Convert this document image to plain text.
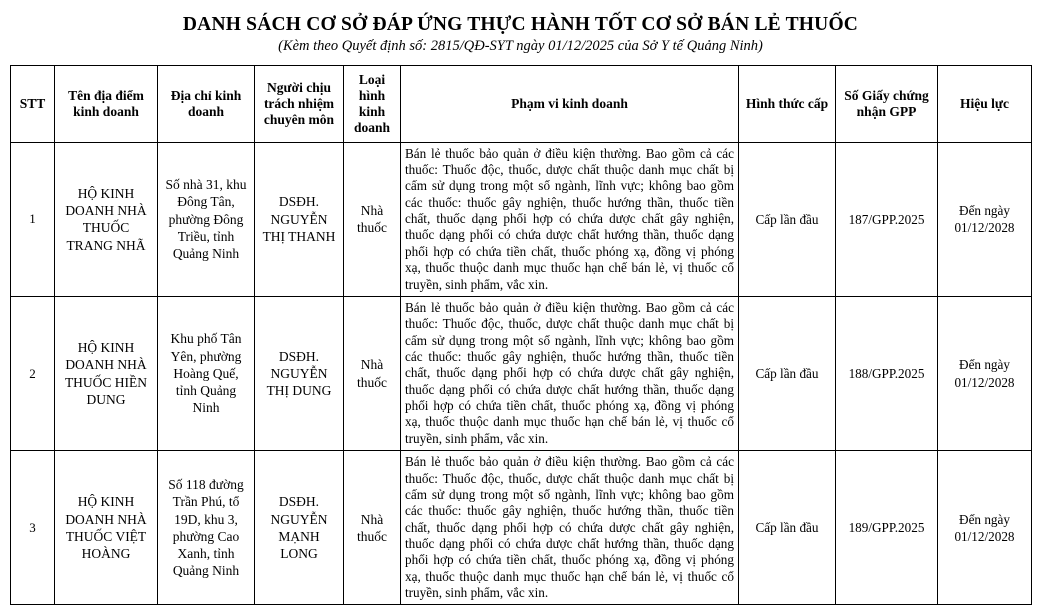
DANH SÁCH CƠ SỞ ĐÁP ỨNG THỰC HÀNH TỐT CƠ SỞ BÁN LẺ THUỐC
(Kèm theo Quyết định số: 2815/QĐ-SYT ngày 01/12/2025 của Sở Y tế Quảng Ninh)
STT	Tên địa điểm kinh doanh	Địa chỉ kinh doanh	Người chịu trách nhiệm chuyên môn	Loại hình kinh doanh	Phạm vi kinh doanh	Hình thức cấp	Số Giấy chứng nhận GPP	Hiệu lực
1	HỘ KINH DOANH NHÀ THUỐC TRANG NHÃ	Số nhà 31, khu Đông Tân, phường Đông Triều, tỉnh Quảng Ninh	DSĐH. NGUYỄN THỊ THANH	Nhà thuốc	Bán lẻ thuốc bảo quản ở điều kiện thường. Bao gồm cả các thuốc: Thuốc độc, thuốc, dược chất thuộc danh mục chất bị cấm sử dụng trong một số ngành, lĩnh vực; không bao gồm các thuốc: thuốc gây nghiện, thuốc hướng thần, thuốc tiền chất, thuốc dạng phối hợp có chứa dược chất gây nghiện, thuốc dạng phối có chứa dược chất hướng thần, thuốc dạng phối hợp có chứa tiền chất, thuốc phóng xạ, đồng vị phóng xạ, thuốc thuộc danh mục thuốc hạn chế bán lẻ, vị thuốc cổ truyền, sinh phẩm, vắc xin.	Cấp lần đầu	187/GPP.2025	Đến ngày 01/12/2028
2	HỘ KINH DOANH NHÀ THUỐC HIỀN DUNG	Khu phố Tân Yên, phường Hoàng Quế, tỉnh Quảng Ninh	DSĐH. NGUYỄN THỊ DUNG	Nhà thuốc	Bán lẻ thuốc bảo quản ở điều kiện thường. Bao gồm cả các thuốc: Thuốc độc, thuốc, dược chất thuộc danh mục chất bị cấm sử dụng trong một số ngành, lĩnh vực; không bao gồm các thuốc: thuốc gây nghiện, thuốc hướng thần, thuốc tiền chất, thuốc dạng phối hợp có chứa dược chất gây nghiện, thuốc dạng phối có chứa dược chất hướng thần, thuốc dạng phối hợp có chứa tiền chất, thuốc phóng xạ, đồng vị phóng xạ, thuốc thuộc danh mục thuốc hạn chế bán lẻ, vị thuốc cổ truyền, sinh phẩm, vắc xin.	Cấp lần đầu	188/GPP.2025	Đến ngày 01/12/2028
3	HỘ KINH DOANH NHÀ THUỐC VIỆT HOÀNG	Số 118 đường Trần Phú, tổ 19D, khu 3, phường Cao Xanh, tỉnh Quảng Ninh	DSĐH. NGUYỄN MẠNH LONG	Nhà thuốc	Bán lẻ thuốc bảo quản ở điều kiện thường. Bao gồm cả các thuốc: Thuốc độc, thuốc, dược chất thuộc danh mục chất bị cấm sử dụng trong một số ngành, lĩnh vực; không bao gồm các thuốc: thuốc gây nghiện, thuốc hướng thần, thuốc tiền chất, thuốc dạng phối hợp có chứa dược chất gây nghiện, thuốc dạng phối có chứa dược chất hướng thần, thuốc dạng phối hợp có chứa tiền chất, thuốc phóng xạ, đồng vị phóng xạ, thuốc thuộc danh mục thuốc hạn chế bán lẻ, vị thuốc cổ truyền, sinh phẩm, vắc xin.	Cấp lần đầu	189/GPP.2025	Đến ngày 01/12/2028
